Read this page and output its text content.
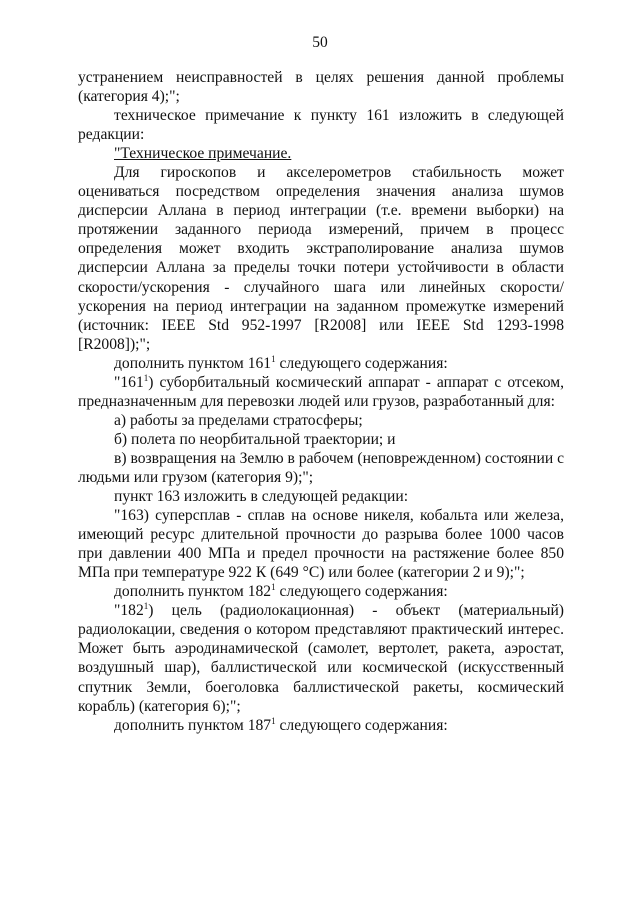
50

устранением неисправностей в целях решения данной проблемы (категория 4);";

техническое примечание к пункту 161 изложить в следующей редакции:

"Техническое примечание.

Для гироскопов и акселерометров стабильность может оцениваться посредством определения значения анализа шумов дисперсии Аллана в период интеграции (т.е. времени выборки) на протяжении заданного периода измерений, причем в процесс определения может входить экстраполирование анализа шумов дисперсии Аллана за пределы точки потери устойчивости в области скорости/ускорения - случайного шага или линейных скорости/ускорения на период интеграции на заданном промежутке измерений (источник: IEEE Std 952-1997 [R2008] или IEEE Std 1293-1998 [R2008]);";

дополнить пунктом $161^1$ следующего содержания:

"$161^1$) суборбитальный космический аппарат - аппарат с отсеком, предназначенным для перевозки людей или грузов, разработанный для:

а) работы за пределами стратосферы;

б) полета по неорбитальной траектории; и

в) возвращения на Землю в рабочем (неповрежденном) состоянии с людьми или грузом (категория 9);";

пункт 163 изложить в следующей редакции:

"163) суперсплав - сплав на основе никеля, кобальта или железа, имеющий ресурс длительной прочности до разрыва более 1000 часов при давлении 400 МПа и предел прочности на растяжение более 850 МПа при температуре 922 К (649 °С) или более (категории 2 и 9);";

дополнить пунктом $182^1$ следующего содержания:

"$182^1$) цель (радиолокационная) - объект (материальный) радиолокации, сведения о котором представляют практический интерес. Может быть аэродинамической (самолет, вертолет, ракета, аэростат, воздушный шар), баллистической или космической (искусственный спутник Земли, боеголовка баллистической ракеты, космический корабль) (категория 6);";

дополнить пунктом $187^1$ следующего содержания:
